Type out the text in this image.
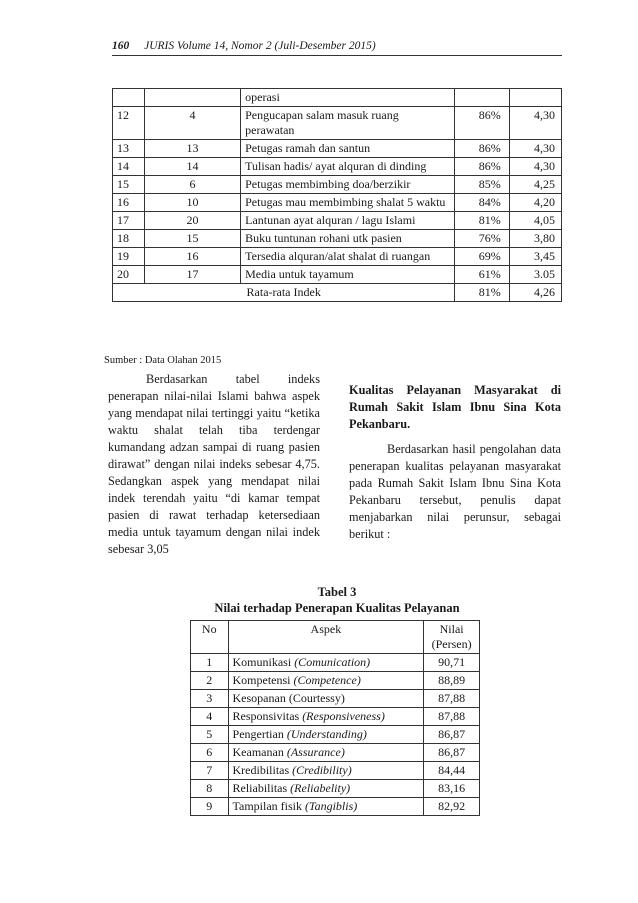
160 JURIS Volume 14, Nomor 2 (Juli-Desember 2015)
		operasi		
12	4	Pengucapan salam masuk ruang perawatan	86%	4,30
13	13	Petugas ramah dan santun	86%	4,30
14	14	Tulisan hadis/ ayat alquran di dinding	86%	4,30
15	6	Petugas membimbing doa/berzikir	85%	4,25
16	10	Petugas mau membimbing shalat 5 waktu	84%	4,20
17	20	Lantunan ayat alquran / lagu Islami	81%	4,05
18	15	Buku tuntunan rohani utk pasien	76%	3,80
19	16	Tersedia alquran/alat shalat di ruangan	69%	3,45
20	17	Media untuk tayamum	61%	3.05
Rata-rata Indek			81%	4,26
Sumber : Data Olahan 2015

Berdasarkan tabel indeks penerapan nilai-nilai Islami bahwa aspek yang mendapat nilai tertinggi yaitu “ketika waktu shalat telah tiba terdengar kumandang adzan sampai di ruang pasien dirawat” dengan nilai indeks sebesar 4,75. Sedangkan aspek yang mendapat nilai indek terendah yaitu “di kamar tempat pasien di rawat terhadap ketersediaan media untuk tayamum dengan nilai indek sebesar 3,05

Kualitas Pelayanan Masyarakat di Rumah Sakit Islam Ibnu Sina Kota Pekanbaru.

Berdasarkan hasil pengolahan data penerapan kualitas pelayanan masyarakat pada Rumah Sakit Islam Ibnu Sina Kota Pekanbaru tersebut, penulis dapat menjabarkan nilai perunsur, sebagai berikut :

Tabel 3
Nilai terhadap Penerapan Kualitas Pelayanan
No	Aspek	Nilai (Persen)
1	Komunikasi (Comunication)	90,71
2	Kompetensi (Competence)	88,89
3	Kesopanan (Courtessy)	87,88
4	Responsivitas (Responsiveness)	87,88
5	Pengertian (Understanding)	86,87
6	Keamanan (Assurance)	86,87
7	Kredibilitas (Credibility)	84,44
8	Reliabilitas (Reliabelity)	83,16
9	Tampilan fisik (Tangiblis)	82,92
